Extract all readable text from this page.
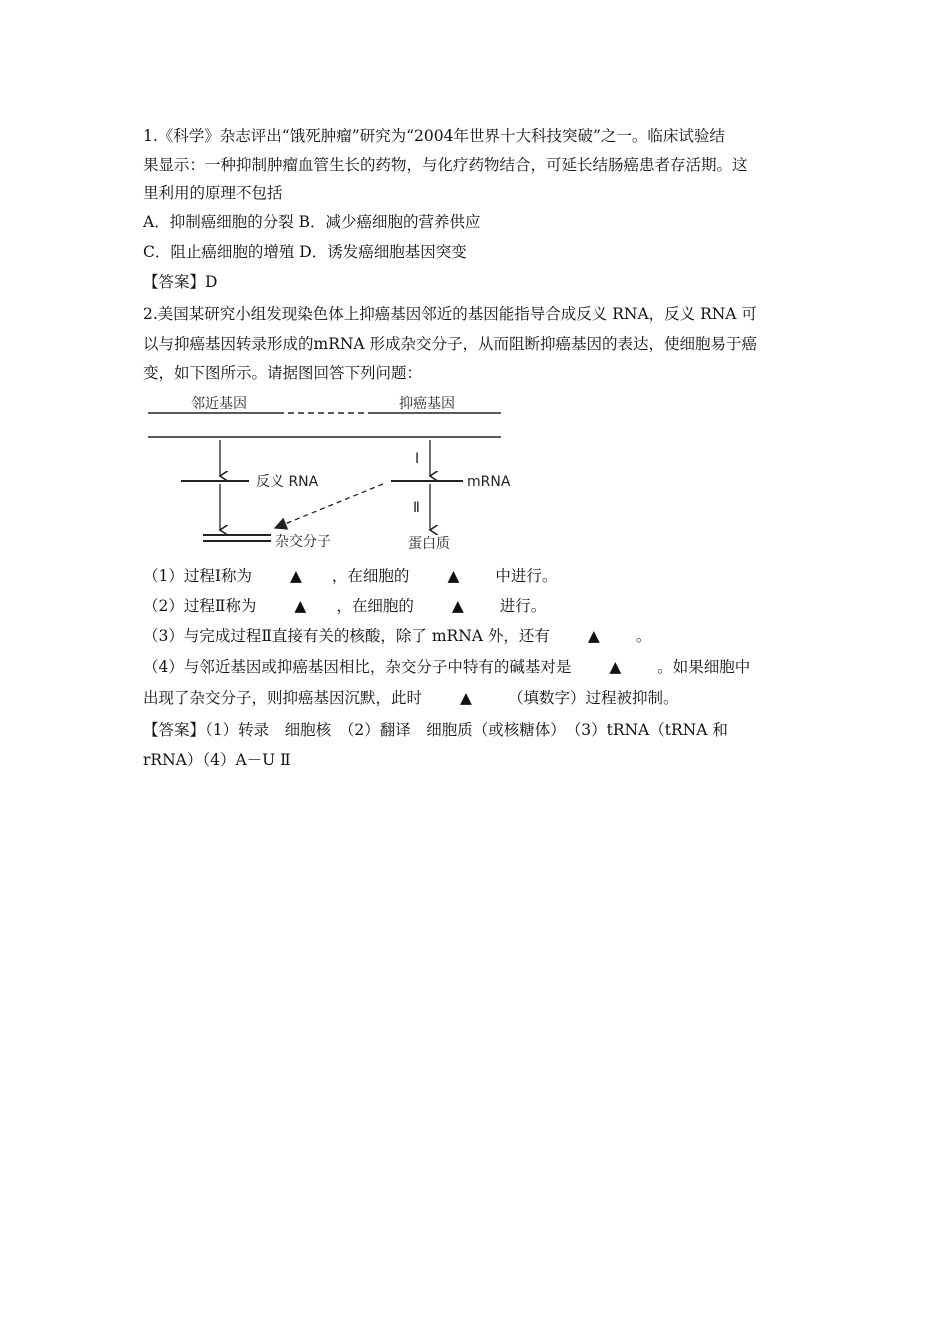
1.《科学》杂志评出“饿死肿瘤”研究为“2004年世界十大科技突破”之一。临床试验结
果显示：一种抑制肿瘤血管生长的药物，与化疗药物结合，可延长结肠癌患者存活期。这
里利用的原理不包括
A．抑制癌细胞的分裂 B．减少癌细胞的营养供应
C．阻止癌细胞的增殖 D．诱发癌细胞基因突变
【答案】D
2.美国某研究小组发现染色体上抑癌基因邻近的基因能指导合成反义 RNA，反义 RNA 可
以与抑癌基因转录形成的mRNA 形成杂交分子，从而阻断抑癌基因的表达，使细胞易于癌
变，如下图所示。请据图回答下列问题：
邻近基因	抑癌基因
反义 RNA
杂交分子
Ⅰ
mRNA
Ⅱ
蛋白质
（1）过程Ⅰ称为 ▲ ，在细胞的 ▲ 中进行。
（2）过程Ⅱ称为 ▲ ，在细胞的 ▲ 进行。
（3）与完成过程Ⅱ直接有关的核酸，除了 mRNA 外，还有 ▲ 。
（4）与邻近基因或抑癌基因相比，杂交分子中特有的碱基对是 ▲ 。如果细胞中
出现了杂交分子，则抑癌基因沉默，此时 ▲ （填数字）过程被抑制。
【答案】（1）转录　细胞核　（2）翻译　细胞质（或核糖体）　（3）tRNA（tRNA 和
rRNA）（4）A－U Ⅱ
